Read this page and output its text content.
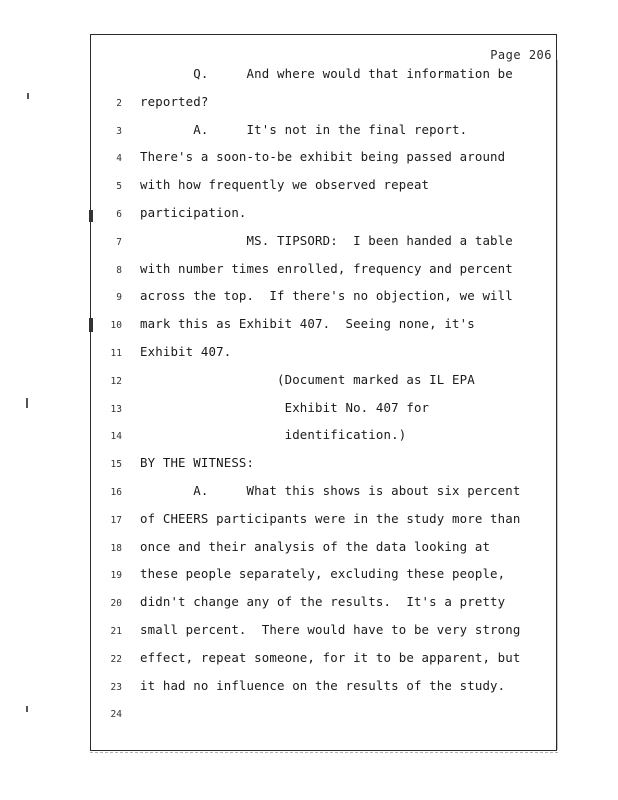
Page 206
Q.     And where would that information be
2 reported?
3 A.     It's not in the final report.
4 There's a soon-to-be exhibit being passed around
5 with how frequently we observed repeat
6 participation.
7 MS. TIPSORD:  I been handed a table
8 with number times enrolled, frequency and percent
9 across the top.  If there's no objection, we will
10 mark this as Exhibit 407.  Seeing none, it's
11 Exhibit 407.
12 (Document marked as IL EPA
13 Exhibit No. 407 for
14 identification.)
15 BY THE WITNESS:
16 A.     What this shows is about six percent
17 of CHEERS participants were in the study more than
18 once and their analysis of the data looking at
19 these people separately, excluding these people,
20 didn't change any of the results.  It's a pretty
21 small percent.  There would have to be very strong
22 effect, repeat someone, for it to be apparent, but
23 it had no influence on the results of the study.
24
